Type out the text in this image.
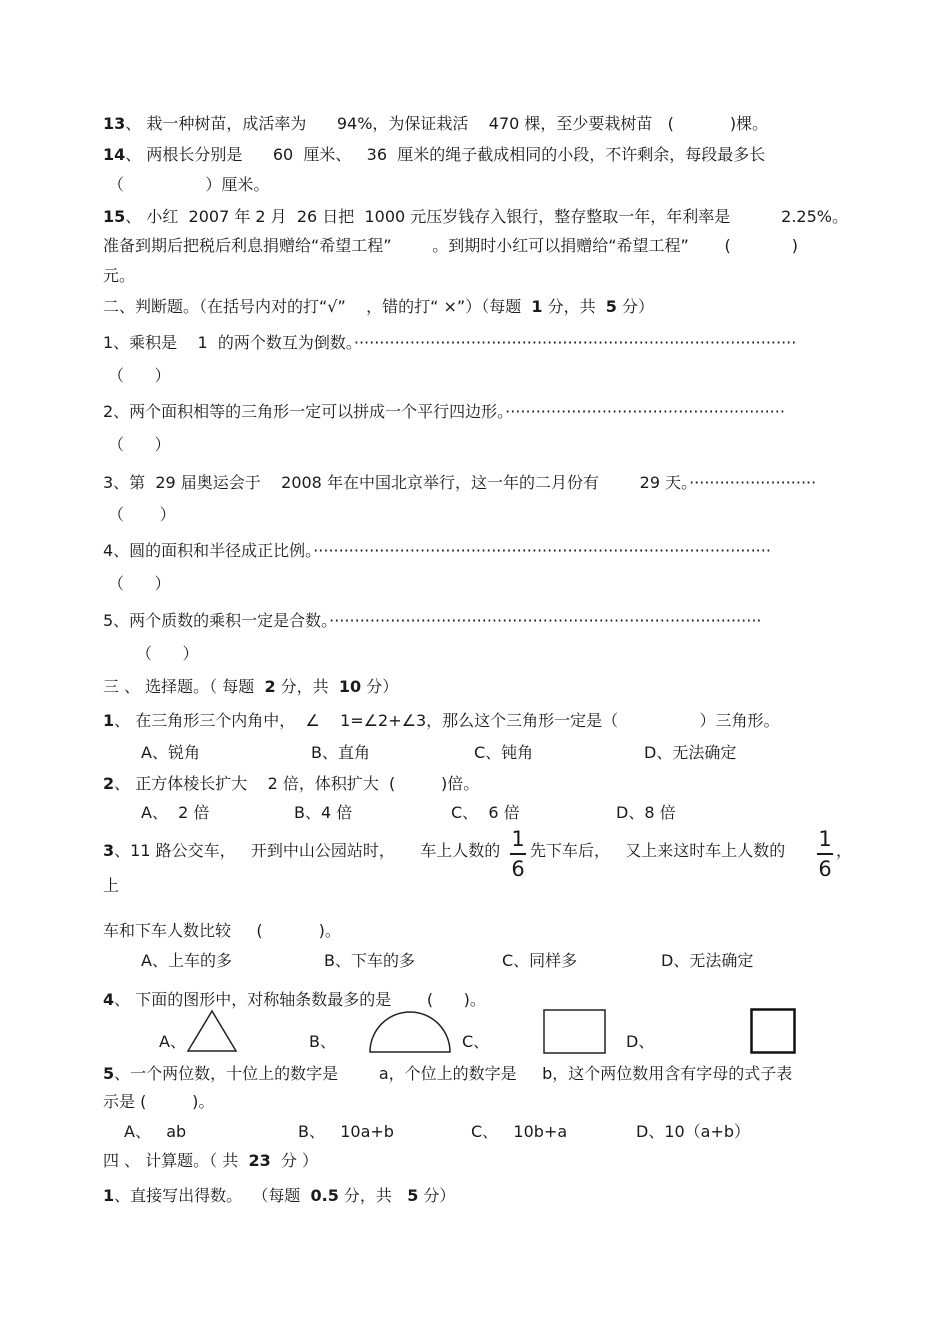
13、 栽一种树苗，成活率为      94%，为保证栽活    470 棵，至少要栽树苗   (           )棵。
14、 两根长分别是      60  厘米、   36  厘米的绳子截成相同的小段，不许剩余，每段最多长
（                ）厘米。
15、 小红  2007 年 2 月  26 日把  1000 元压岁钱存入银行，整存整取一年，年利率是          2.25%。
准备到期后把税后利息捐赠给“希望工程”        。到期时小红可以捐赠给“希望工程”       (            )
元。
二、判断题。（在括号内对的打“√”    ，错的打“ ×”）（每题  1 分，共  5 分）
1、乘积是    1  的两个数互为倒数。·······················································································
（      ）
2、两个面积相等的三角形一定可以拼成一个平行四边形。·······················································
（      ）
3、第  29 届奥运会于    2008 年在中国北京举行，这一年的二月份有        29 天。·························
（       ）
4、圆的面积和半径成正比例。··························································································
（      ）
5、两个质数的乘积一定是合数。·····················································································
（      ）
三 、 选择题。（ 每题  2 分，共  10 分）
1、 在三角形三个内角中，  ∠    1=∠2+∠3，那么这个三角形一定是（                ）三角形。
A、锐角	B、直角	C、钝角	D、无法确定
2、 正方体棱长扩大    2 倍，体积扩大  (         )倍。
A、  2 倍	B、4 倍	C、  6 倍	D、8 倍
3、11 路公交车，   开到中山公园站时，     车上人数的 1
6
先下车后，   又上来这时车上人数的 1
6
，
上
车和下车人数比较     (           )。
A、上车的多	B、下车的多	C、同样多	D、无法确定
4、 下面的图形中，对称轴条数最多的是       (      )。
A、	B、	C、	D、
5、一个两位数，十位上的数字是        a，个位上的数字是     b，这个两位数用含有字母的式子表
示是 (         )。
A、   ab	B、   10a+b	C、   10b+a	D、10（a+b）
四 、 计算题。（ 共  23  分 ）
1、直接写出得数。  （每题  0.5 分，共   5 分）
